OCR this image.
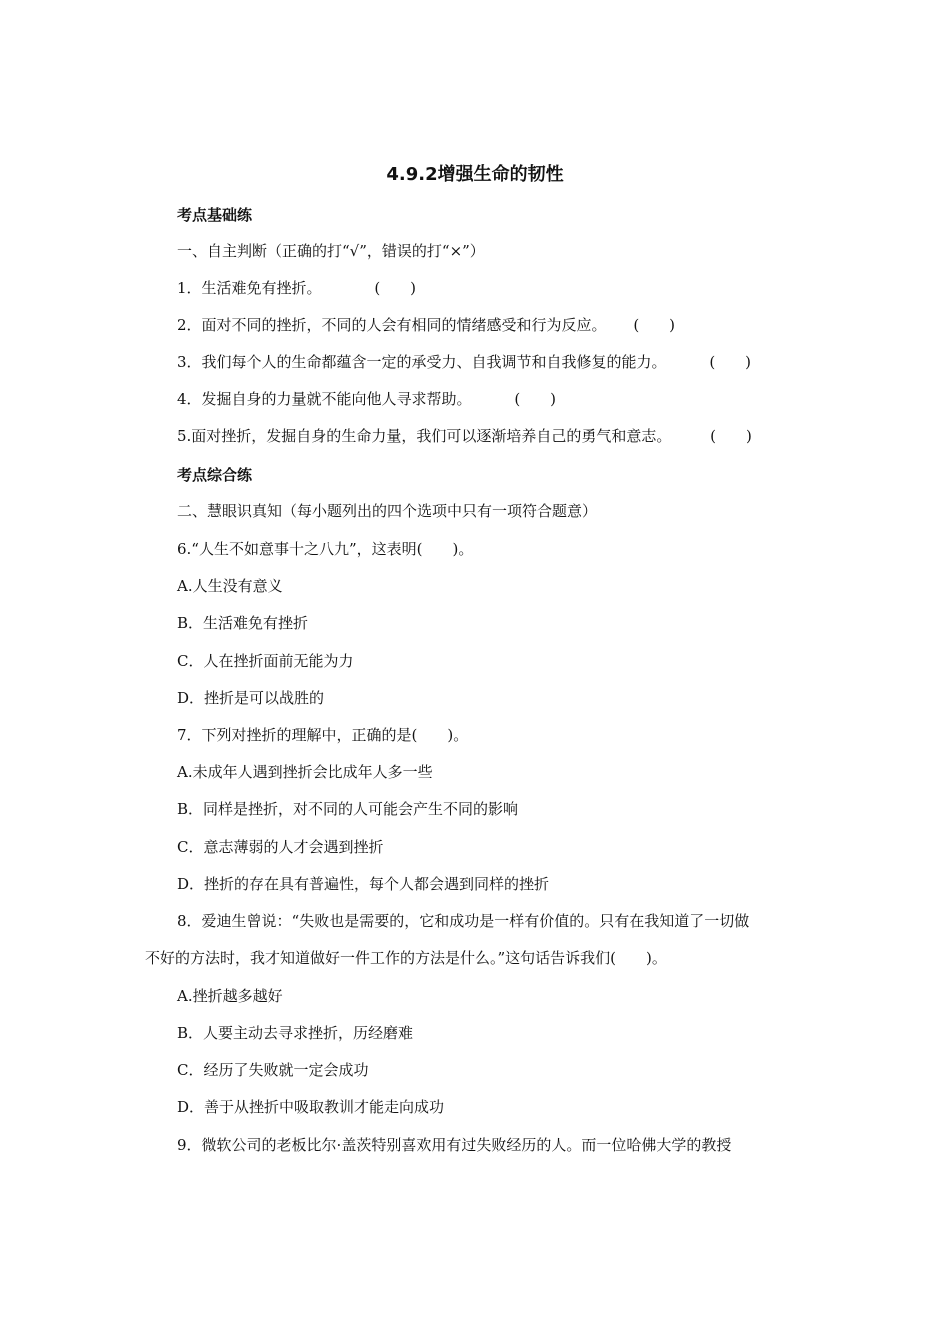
4.9.2增强生命的韧性
考点基础练
一、自主判断（正确的打“√”，错误的打“×”）
1．生活难免有挫折。	(　　)
2．面对不同的挫折，不同的人会有相同的情绪感受和行为反应。 (　　)
3．我们每个人的生命都蕴含一定的承受力、自我调节和自我修复的能力。	(　　)
4．发掘自身的力量就不能向他人寻求帮助。	(　　)
5.面对挫折，发掘自身的生命力量，我们可以逐渐培养自己的勇气和意志。	(　　)
考点综合练
二、慧眼识真知（每小题列出的四个选项中只有一项符合题意）
6.“人生不如意事十之八九”，这表明(　　)。
A.人生没有意义
B．生活难免有挫折
C．人在挫折面前无能为力
D．挫折是可以战胜的
7．下列对挫折的理解中，正确的是(　　)。
A.未成年人遇到挫折会比成年人多一些
B．同样是挫折，对不同的人可能会产生不同的影响
C．意志薄弱的人才会遇到挫折
D．挫折的存在具有普遍性，每个人都会遇到同样的挫折
8．爱迪生曾说：“失败也是需要的，它和成功是一样有价值的。只有在我知道了一切做
不好的方法时，我才知道做好一件工作的方法是什么。”这句话告诉我们(　　)。
A.挫折越多越好
B．人要主动去寻求挫折，历经磨难
C．经历了失败就一定会成功
D．善于从挫折中吸取教训才能走向成功
9．微软公司的老板比尔·盖茨特别喜欢用有过失败经历的人。而一位哈佛大学的教授
